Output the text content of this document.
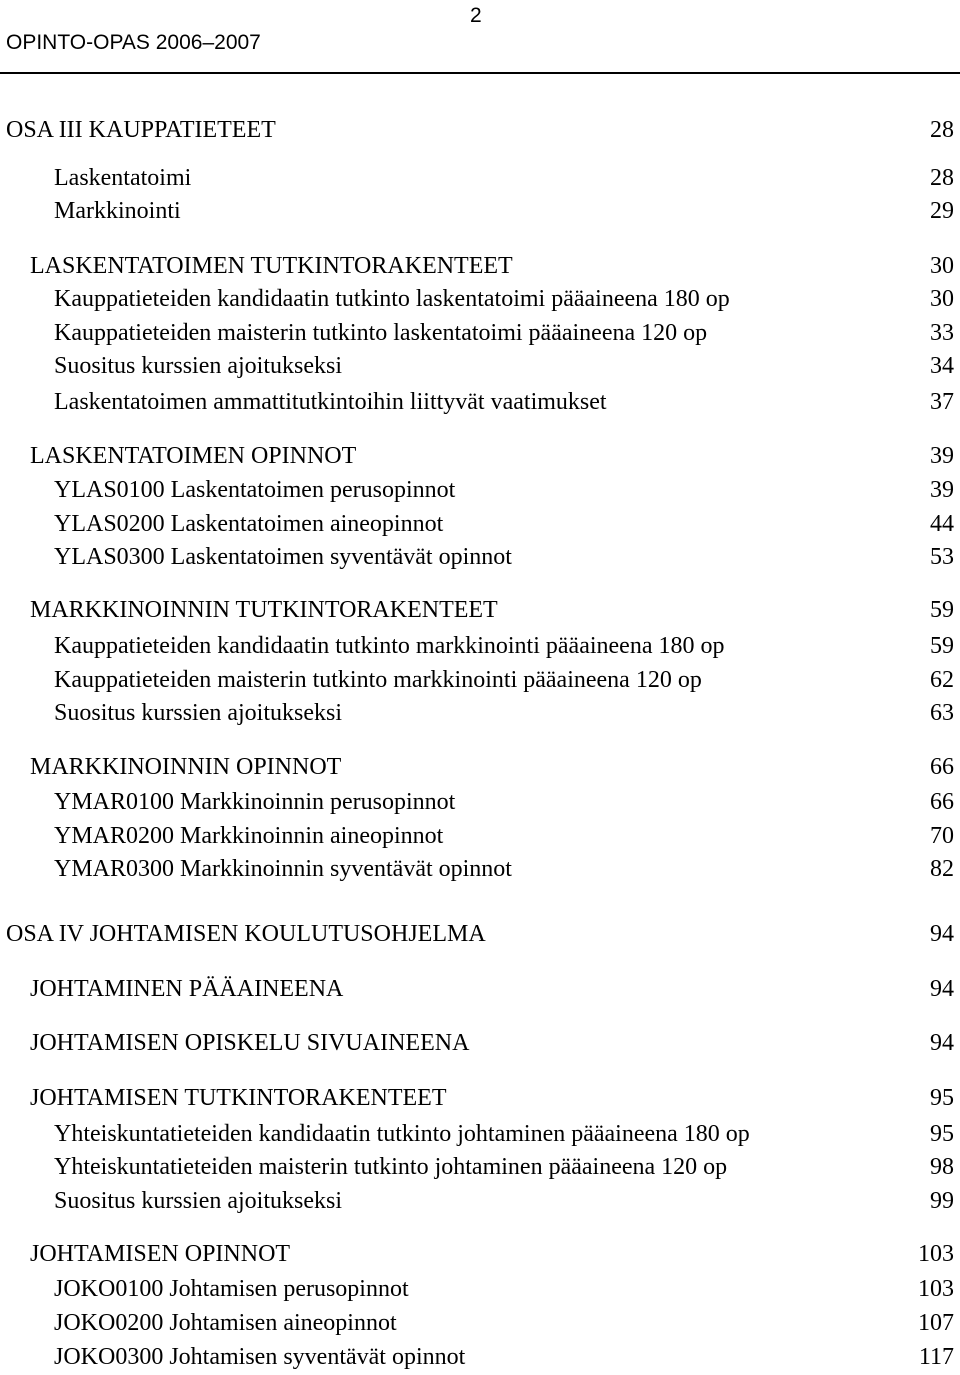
OPINTO-OPAS 2006–2007
2
OSA III KAUPPATIETEET	28
Laskentatoimi	28
Markkinointi	29
LASKENTATOIMEN TUTKINTORAKENTEET	30
Kauppatieteiden kandidaatin tutkinto laskentatoimi pääaineena 180 op	30
Kauppatieteiden maisterin tutkinto laskentatoimi pääaineena 120 op	33
Suositus kurssien ajoitukseksi	34
Laskentatoimen ammattitutkintoihin liittyvät vaatimukset	37
LASKENTATOIMEN OPINNOT	39
YLAS0100 Laskentatoimen perusopinnot	39
YLAS0200 Laskentatoimen aineopinnot	44
YLAS0300 Laskentatoimen syventävät opinnot	53
MARKKINOINNIN TUTKINTORAKENTEET	59
Kauppatieteiden kandidaatin tutkinto markkinointi pääaineena 180 op	59
Kauppatieteiden maisterin tutkinto markkinointi pääaineena 120 op	62
Suositus kurssien ajoitukseksi	63
MARKKINOINNIN OPINNOT	66
YMAR0100 Markkinoinnin perusopinnot	66
YMAR0200 Markkinoinnin aineopinnot	70
YMAR0300 Markkinoinnin syventävät opinnot	82
OSA IV JOHTAMISEN KOULUTUSOHJELMA	94
JOHTAMINEN PÄÄAINEENA	94
JOHTAMISEN OPISKELU SIVUAINEENA	94
JOHTAMISEN TUTKINTORAKENTEET	95
Yhteiskuntatieteiden kandidaatin tutkinto johtaminen pääaineena 180 op	95
Yhteiskuntatieteiden maisterin tutkinto johtaminen pääaineena 120 op	98
Suositus kurssien ajoitukseksi	99
JOHTAMISEN OPINNOT	103
JOKO0100 Johtamisen perusopinnot	103
JOKO0200 Johtamisen aineopinnot	107
JOKO0300 Johtamisen syventävät opinnot	117
